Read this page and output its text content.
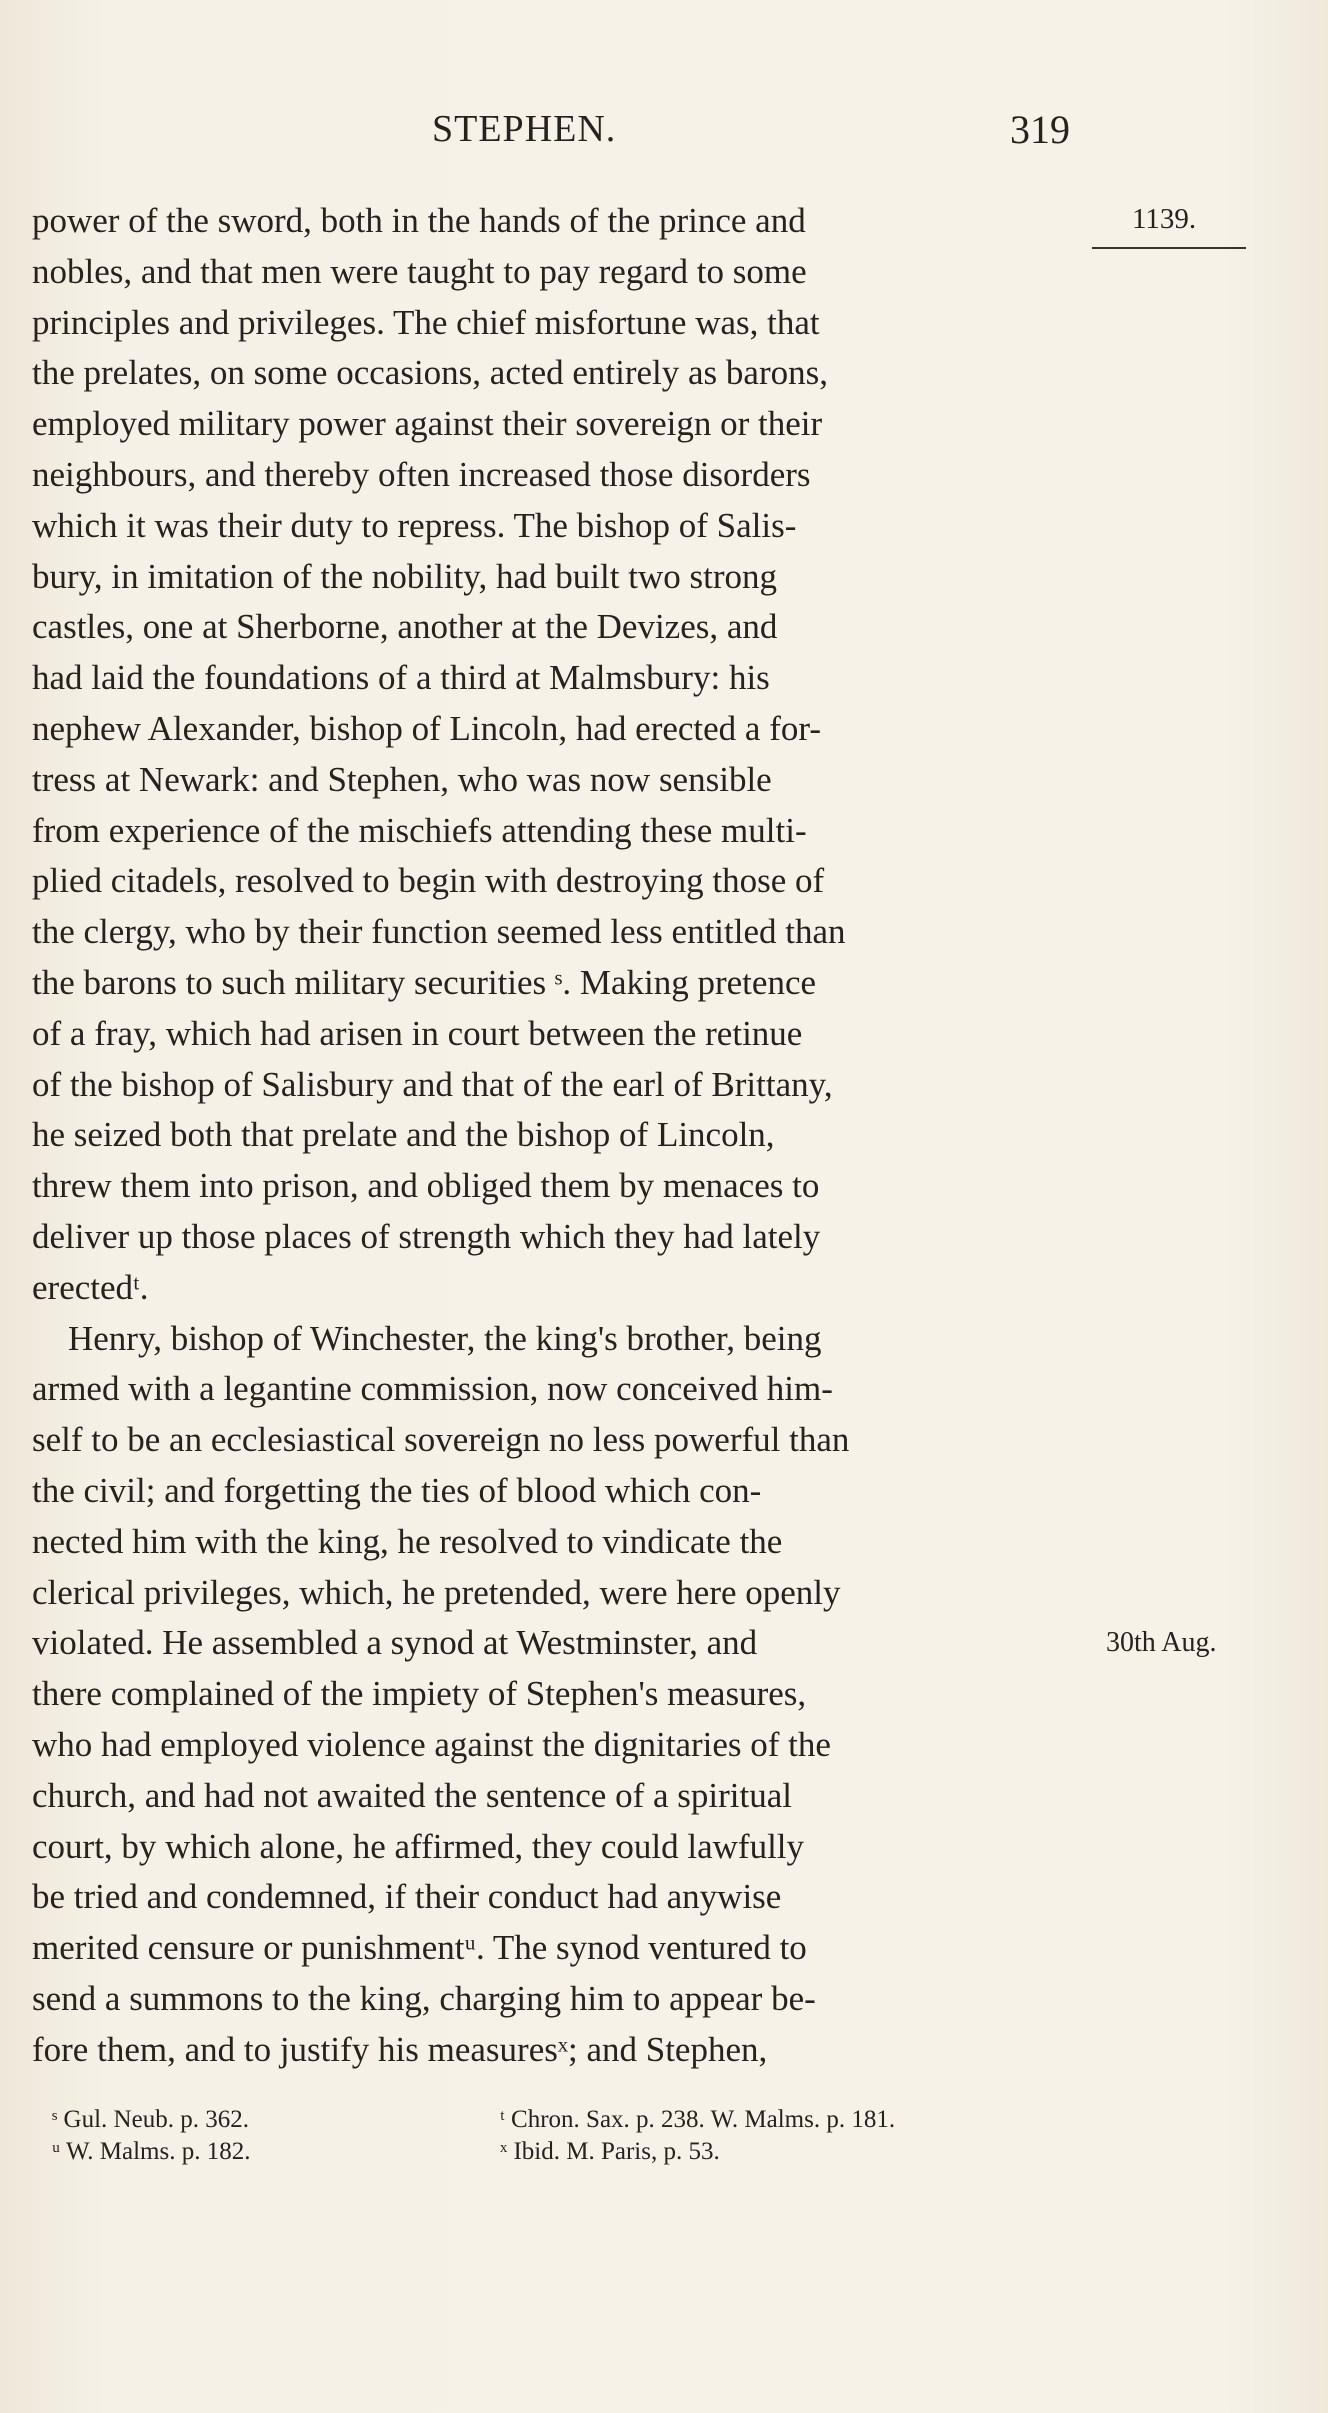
STEPHEN.	319
1139.
30th Aug.
power of the sword, both in the hands of the prince and
nobles, and that men were taught to pay regard to some
principles and privileges. The chief misfortune was, that
the prelates, on some occasions, acted entirely as barons,
employed military power against their sovereign or their
neighbours, and thereby often increased those disorders
which it was their duty to repress. The bishop of Salis-
bury, in imitation of the nobility, had built two strong
castles, one at Sherborne, another at the Devizes, and
had laid the foundations of a third at Malmsbury: his
nephew Alexander, bishop of Lincoln, had erected a for-
tress at Newark: and Stephen, who was now sensible
from experience of the mischiefs attending these multi-
plied citadels, resolved to begin with destroying those of
the clergy, who by their function seemed less entitled than
the barons to such military securities ˢ. Making pretence
of a fray, which had arisen in court between the retinue
of the bishop of Salisbury and that of the earl of Brittany,
he seized both that prelate and the bishop of Lincoln,
threw them into prison, and obliged them by menaces to
deliver up those places of strength which they had lately
erectedᵗ.
Henry, bishop of Winchester, the king's brother, being
armed with a legantine commission, now conceived him-
self to be an ecclesiastical sovereign no less powerful than
the civil; and forgetting the ties of blood which con-
nected him with the king, he resolved to vindicate the
clerical privileges, which, he pretended, were here openly
violated. He assembled a synod at Westminster, and
there complained of the impiety of Stephen's measures,
who had employed violence against the dignitaries of the
church, and had not awaited the sentence of a spiritual
court, by which alone, he affirmed, they could lawfully
be tried and condemned, if their conduct had anywise
merited censure or punishmentᵘ. The synod ventured to
send a summons to the king, charging him to appear be-
fore them, and to justify his measuresˣ; and Stephen,
ˢ Gul. Neub. p. 362.	ᵗ Chron. Sax. p. 238. W. Malms. p. 181.
ᵘ W. Malms. p. 182.	ˣ Ibid. M. Paris, p. 53.
